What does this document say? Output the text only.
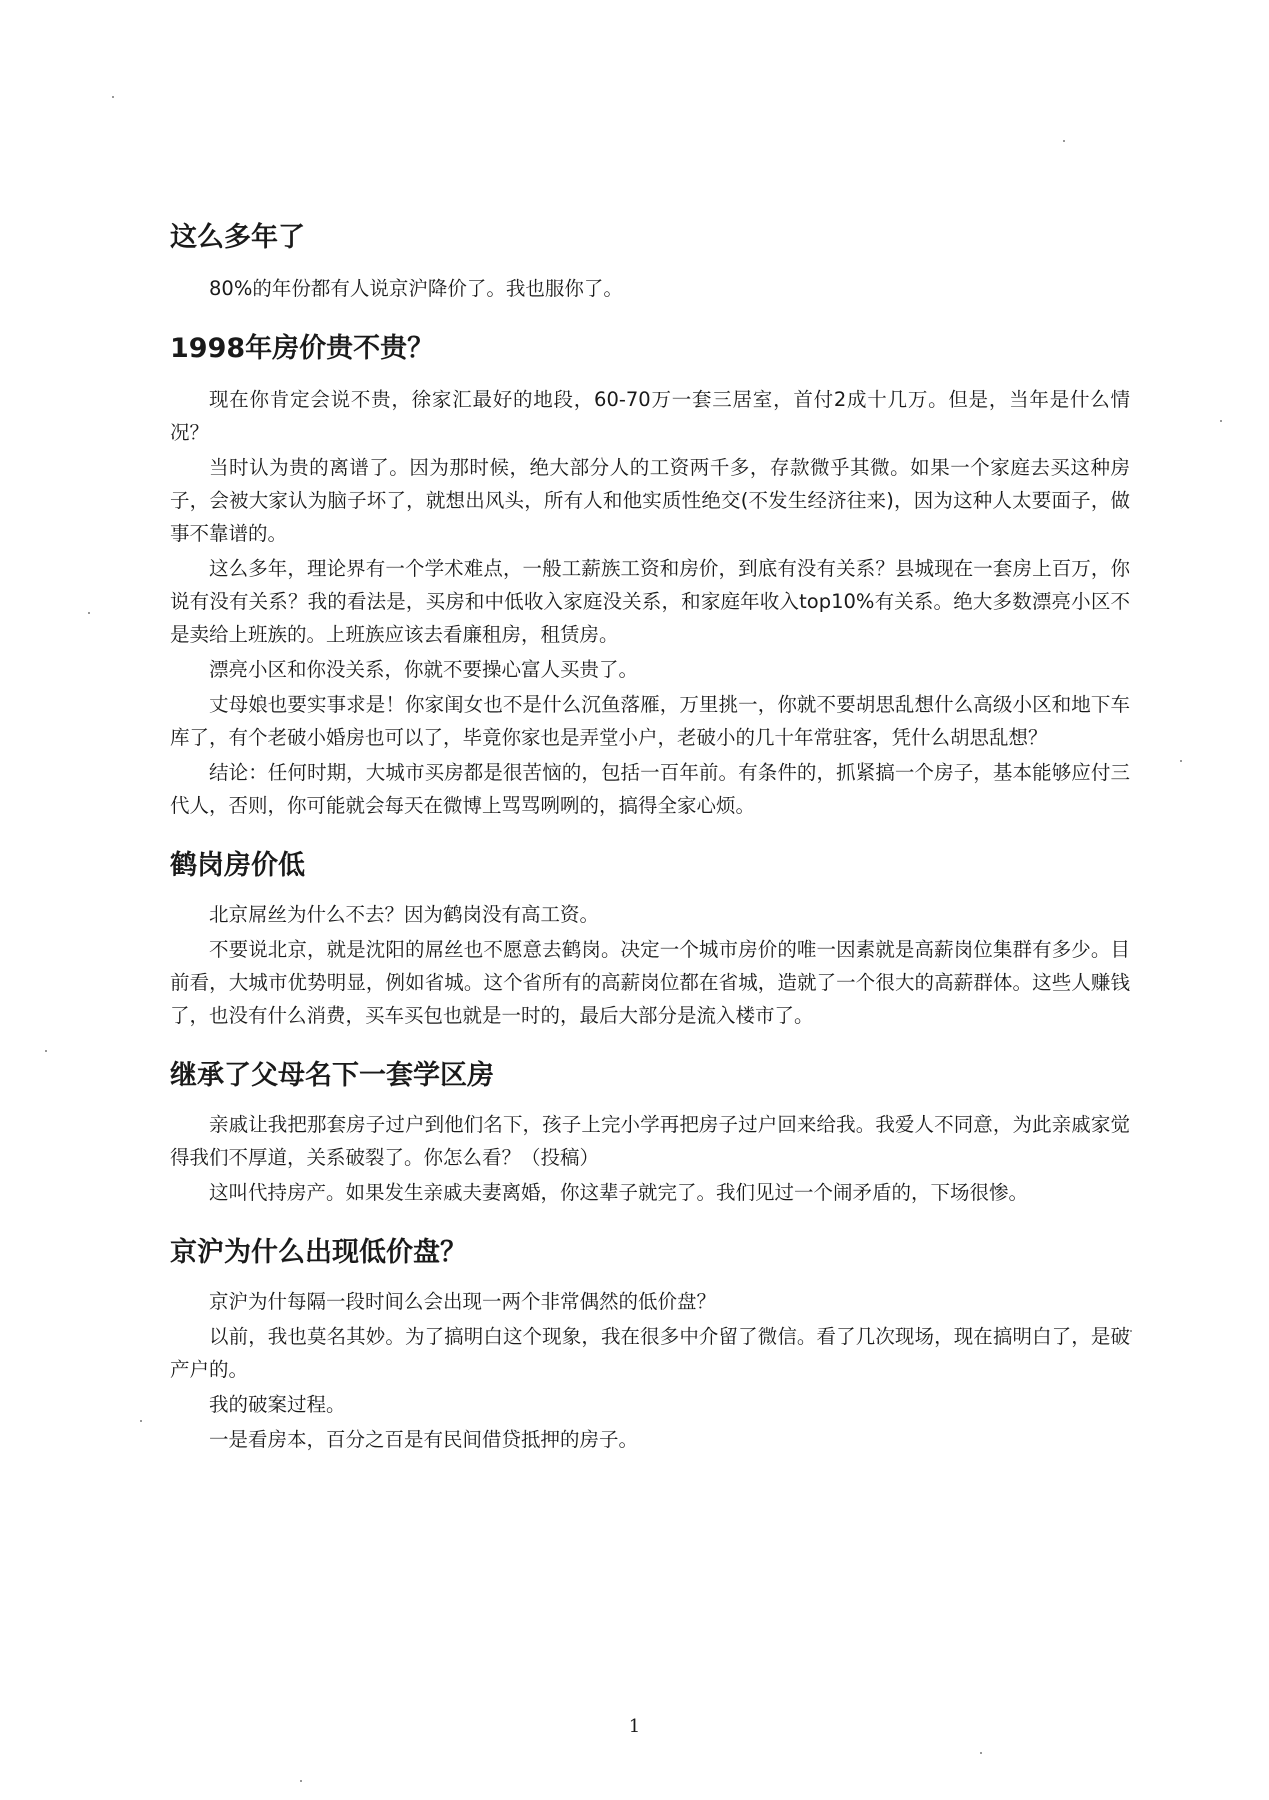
这么多年了

80%的年份都有人说京沪降价了。我也服你了。

1998年房价贵不贵？

现在你肯定会说不贵，徐家汇最好的地段，60-70万一套三居室，首付2成十几万。但是，当年是什么情况？

当时认为贵的离谱了。因为那时候，绝大部分人的工资两千多，存款微乎其微。如果一个家庭去买这种房子，会被大家认为脑子坏了，就想出风头，所有人和他实质性绝交(不发生经济往来)，因为这种人太要面子，做事不靠谱的。

这么多年，理论界有一个学术难点，一般工薪族工资和房价，到底有没有关系？县城现在一套房上百万，你说有没有关系？我的看法是，买房和中低收入家庭没关系，和家庭年收入top10%有关系。绝大多数漂亮小区不是卖给上班族的。上班族应该去看廉租房，租赁房。

漂亮小区和你没关系，你就不要操心富人买贵了。

丈母娘也要实事求是！你家闺女也不是什么沉鱼落雁，万里挑一，你就不要胡思乱想什么高级小区和地下车库了，有个老破小婚房也可以了，毕竟你家也是弄堂小户，老破小的几十年常驻客，凭什么胡思乱想？

结论：任何时期，大城市买房都是很苦恼的，包括一百年前。有条件的，抓紧搞一个房子，基本能够应付三代人，否则，你可能就会每天在微博上骂骂咧咧的，搞得全家心烦。

鹤岗房价低

北京屌丝为什么不去？因为鹤岗没有高工资。

不要说北京，就是沈阳的屌丝也不愿意去鹤岗。决定一个城市房价的唯一因素就是高薪岗位集群有多少。目前看，大城市优势明显，例如省城。这个省所有的高薪岗位都在省城，造就了一个很大的高薪群体。这些人赚钱了，也没有什么消费，买车买包也就是一时的，最后大部分是流入楼市了。

继承了父母名下一套学区房

亲戚让我把那套房子过户到他们名下，孩子上完小学再把房子过户回来给我。我爱人不同意，为此亲戚家觉得我们不厚道，关系破裂了。你怎么看？（投稿）

这叫代持房产。如果发生亲戚夫妻离婚，你这辈子就完了。我们见过一个闹矛盾的，下场很惨。

京沪为什么出现低价盘？

京沪为什每隔一段时间么会出现一两个非常偶然的低价盘？

以前，我也莫名其妙。为了搞明白这个现象，我在很多中介留了微信。看了几次现场，现在搞明白了，是破产户的。

我的破案过程。

一是看房本，百分之百是有民间借贷抵押的房子。

1
